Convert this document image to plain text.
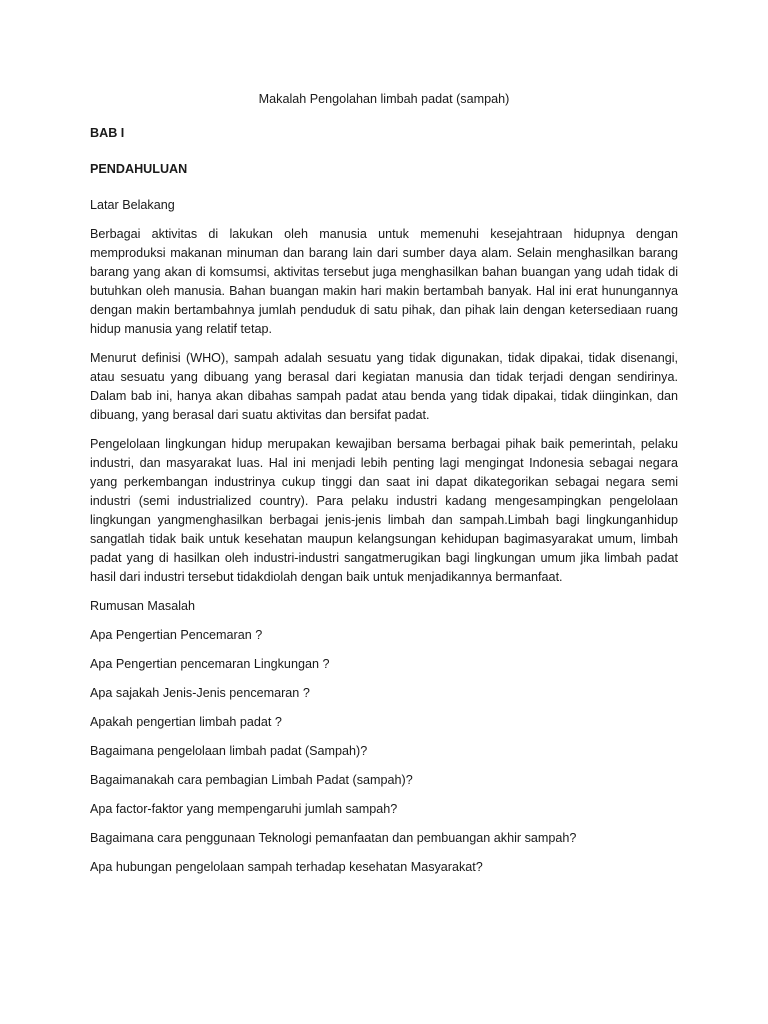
Makalah Pengolahan limbah padat (sampah)

BAB I

PENDAHULUAN

Latar Belakang

Berbagai aktivitas di lakukan oleh manusia untuk memenuhi kesejahtraan hidupnya dengan memproduksi makanan minuman dan barang lain dari sumber daya alam. Selain menghasilkan barang barang yang akan di komsumsi, aktivitas tersebut juga menghasilkan bahan buangan yang udah tidak di butuhkan oleh manusia. Bahan buangan makin hari makin bertambah banyak. Hal ini erat hunungannya dengan makin bertambahnya jumlah penduduk di satu pihak, dan pihak lain dengan ketersediaan ruang hidup manusia yang relatif tetap.

Menurut definisi (WHO), sampah adalah sesuatu yang tidak digunakan, tidak dipakai, tidak disenangi, atau sesuatu yang dibuang yang berasal dari kegiatan manusia dan tidak terjadi dengan sendirinya. Dalam bab ini, hanya akan dibahas sampah padat atau benda yang tidak dipakai, tidak diinginkan, dan dibuang, yang berasal dari suatu aktivitas dan bersifat padat.

Pengelolaan lingkungan hidup merupakan kewajiban bersama berbagai pihak baik pemerintah, pelaku industri, dan masyarakat luas. Hal ini menjadi lebih penting lagi mengingat Indonesia sebagai negara yang perkembangan industrinya cukup tinggi dan saat ini dapat dikategorikan sebagai negara semi industri (semi industrialized country). Para pelaku industri kadang mengesampingkan pengelolaan lingkungan yangmenghasilkan berbagai jenis-jenis limbah dan sampah.Limbah bagi lingkunganhidup sangatlah tidak baik untuk kesehatan maupun kelangsungan kehidupan bagimasyarakat umum, limbah padat yang di hasilkan oleh industri-industri sangatmerugikan bagi lingkungan umum jika limbah padat hasil dari industri tersebut tidakdiolah dengan baik untuk menjadikannya bermanfaat.

Rumusan Masalah

Apa Pengertian Pencemaran ?
Apa Pengertian pencemaran Lingkungan ?
Apa sajakah Jenis-Jenis pencemaran ?
Apakah pengertian limbah padat ?
Bagaimana pengelolaan limbah padat (Sampah)?
Bagaimanakah cara pembagian Limbah Padat (sampah)?
Apa factor-faktor yang mempengaruhi jumlah sampah?
Bagaimana cara penggunaan Teknologi pemanfaatan dan pembuangan akhir sampah?
Apa hubungan pengelolaan sampah terhadap kesehatan Masyarakat?
